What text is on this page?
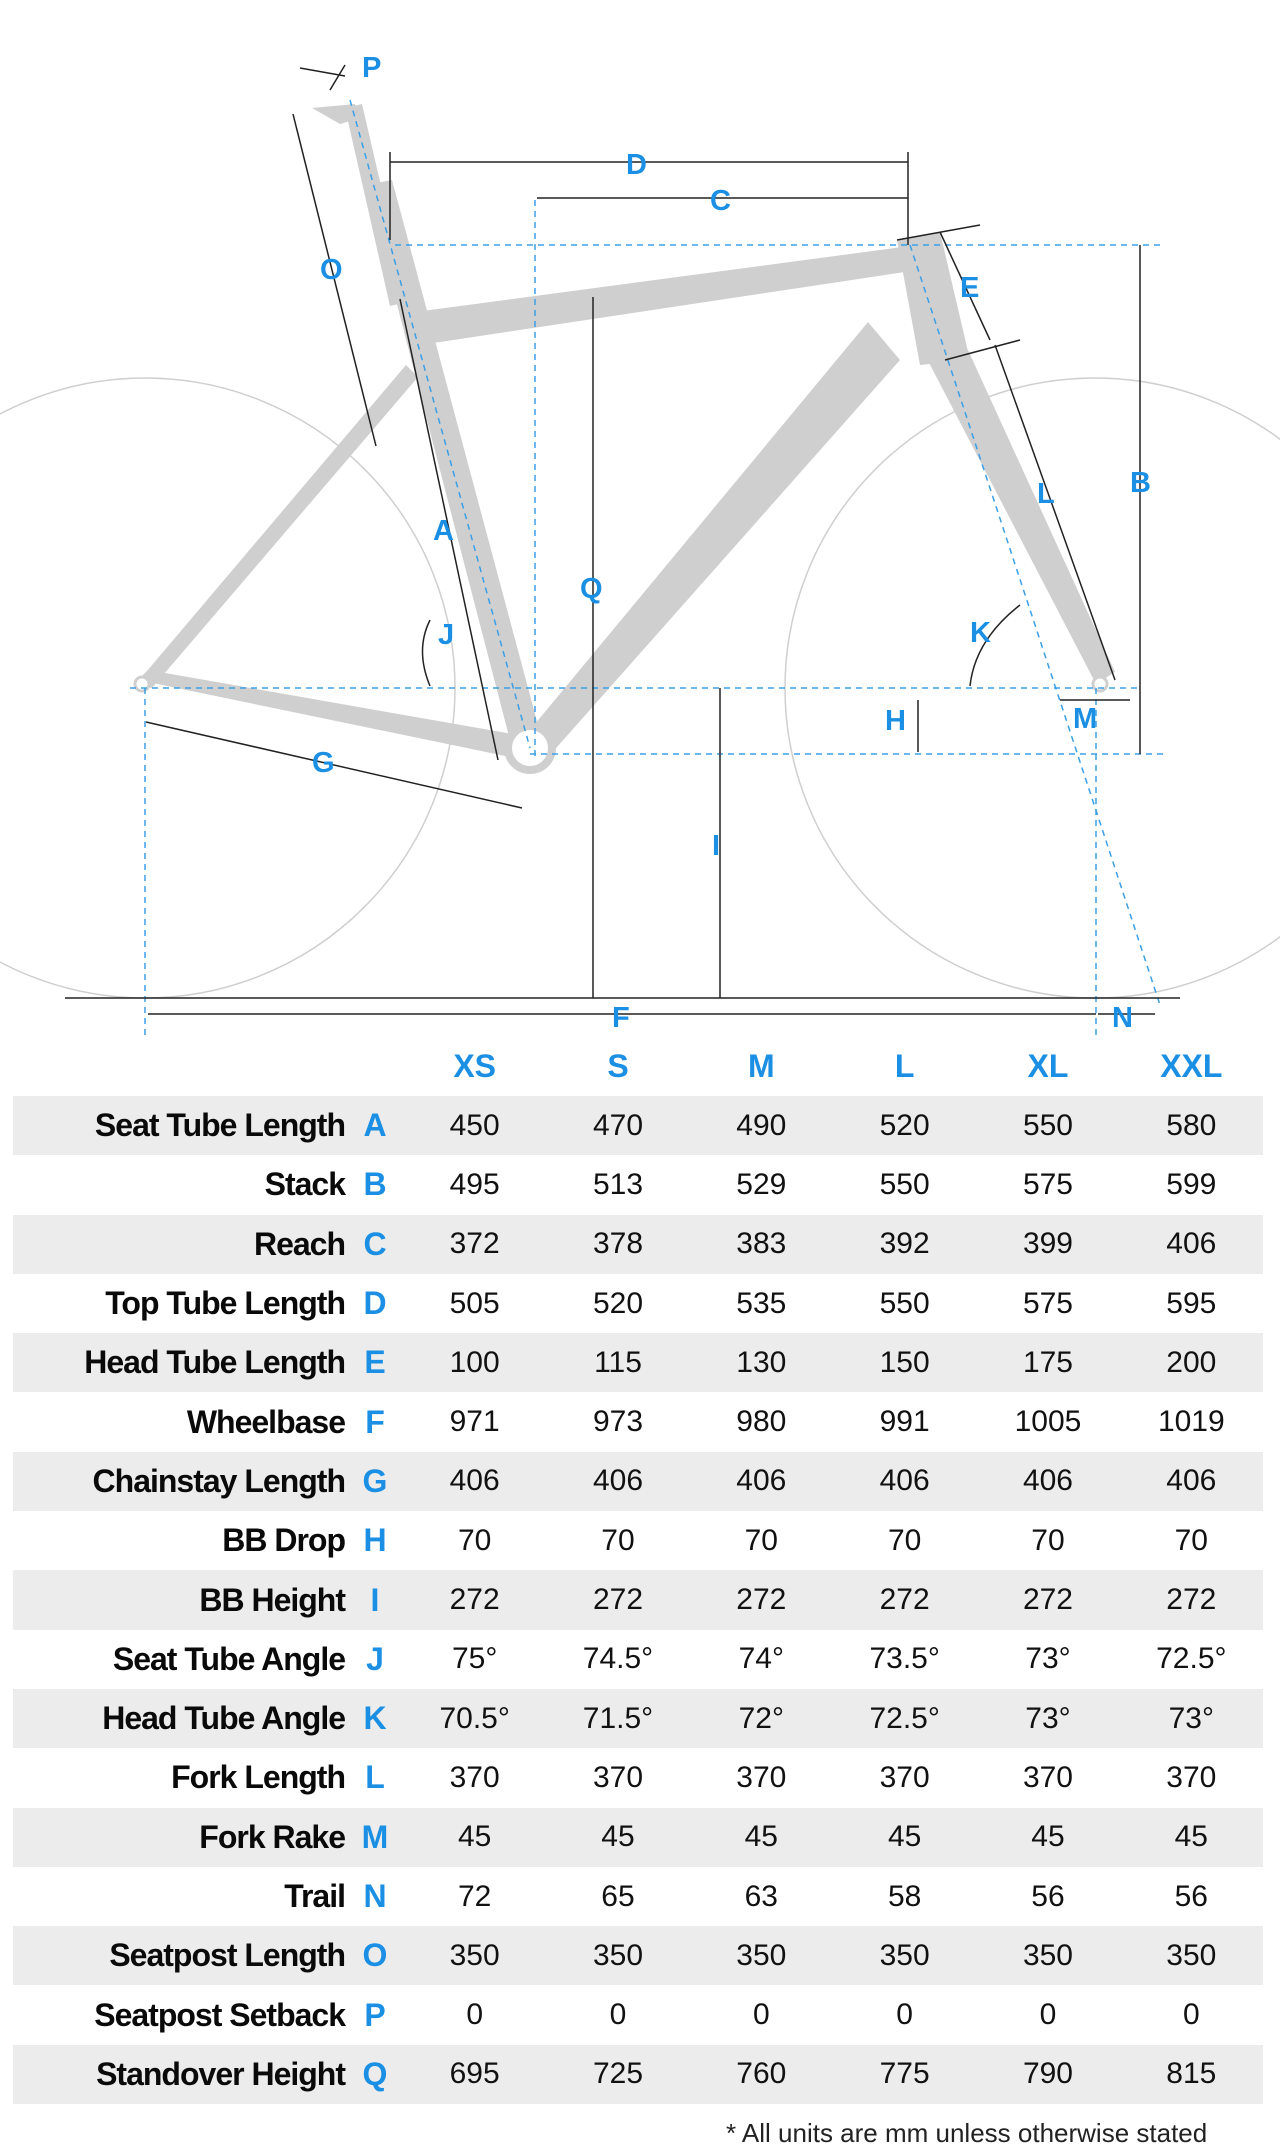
A
B
C
D
E
F
G
H
I
J	K
L
M
N
O
P
Q
		XS	S	M	L	XL	XXL
Seat Tube Length	A	450	470	490	520	550	580
Stack	B	495	513	529	550	575	599
Reach	C	372	378	383	392	399	406
Top Tube Length	D	505	520	535	550	575	595
Head Tube Length	E	100	115	130	150	175	200
Wheelbase	F	971	973	980	991	1005	1019
Chainstay Length	G	406	406	406	406	406	406
BB Drop	H	70	70	70	70	70	70
BB Height	I	272	272	272	272	272	272
Seat Tube Angle	J	75°	74.5°	74°	73.5°	73°	72.5°
Head Tube Angle	K	70.5°	71.5°	72°	72.5°	73°	73°
Fork Length	L	370	370	370	370	370	370
Fork Rake	M	45	45	45	45	45	45
Trail	N	72	65	63	58	56	56
Seatpost Length	O	350	350	350	350	350	350
Seatpost Setback	P	0	0	0	0	0	0
Standover Height	Q	695	725	760	775	790	815
* All units are mm unless otherwise stated
